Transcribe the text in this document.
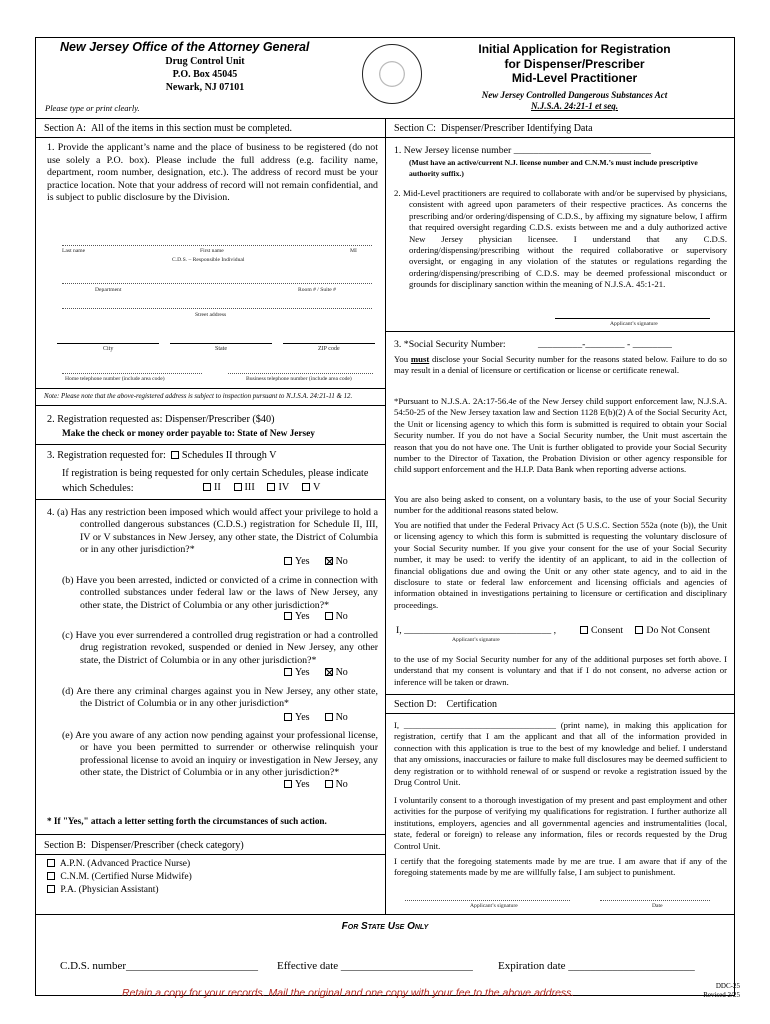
New Jersey Office of the Attorney General
Drug Control Unit
P.O. Box 45045
Newark, NJ 07101
Please type or print clearly.
Initial Application for Registration
for Dispenser/Prescriber
Mid-Level Practitioner
New Jersey Controlled Dangerous Substances Act
N.J.S.A. 24:21-1 et seq.
Section A: All of the items in this section must be completed.
1. Provide the applicant’s name and the place of business to be registered (do not use solely a P.O. box). Please include the full address (e.g. facility name, department, room number, designation, etc.). The address of record must be your practice location. Note that your address of record will not remain confidential, and is subject to public disclosure by the Division.
Last name	First name	MI
C.D.S. – Responsible Individual
Department	Room # / Suite #
Street address
City	State	ZIP code
Home telephone number (include area code)	Business telephone number (include area code)
Note: Please note that the above-registered address is subject to inspection pursuant to N.J.S.A. 24:21-11 & 12.
2. Registration requested as: Dispenser/Prescriber ($40)
Make the check or money order payable to: State of New Jersey
3. Registration requested for: Schedules II through V
If registration is being requested for only certain Schedules, please indicate which Schedules:	II III IV V
4. (a) Has any restriction been imposed which would affect your privilege to hold a controlled dangerous substances (C.D.S.) registration for Schedule II, III, IV or V substances in New Jersey, any other state, the District of Columbia or in any other jurisdiction?*
Yes	No
(b) Have you been arrested, indicted or convicted of a crime in connection with controlled substances under federal law or the laws of New Jersey, any other state, the District of Columbia or any other jurisdiction?*
Yes	No
(c) Have you ever surrendered a controlled drug registration or had a controlled drug registration revoked, suspended or denied in New Jersey, any other state, the District of Columbia or in any other jurisdiction?*
Yes	No
(d) Are there any criminal charges against you in New Jersey, any other state, the District of Columbia or in any other jurisdiction*
Yes	No
(e) Are you aware of any action now pending against your professional license, or have you been permitted to surrender or otherwise relinquish your professional license to avoid an inquiry or investigation in New Jersey, any other state, the District of Columbia or in any other jurisdiction?*
Yes	No
* If "Yes," attach a letter setting forth the circumstances of such action.
Section B: Dispenser/Prescriber (check category)
A.P.N. (Advanced Practice Nurse)
C.N.M. (Certified Nurse Midwife)
P.A. (Physician Assistant)
Section C: Dispenser/Prescriber Identifying Data
1. New Jersey license number ____________________________
(Must have an active/current N.J. license number and C.N.M.’s must include prescriptive authority suffix.)
2. Mid-Level practitioners are required to collaborate with and/or be supervised by physicians, consistent with agreed upon parameters of their respective practices. As concerns the prescribing and/or ordering/dispensing of C.D.S., by affixing my signature below, I affirm that required oversight regarding C.D.S. exists between me and a duly authorized active New Jersey physician licensee. I understand that any C.D.S. ordering/dispensing/prescribing without the required collaborative or supervisory oversight, or engaging in any violation of the statutes or regulations regarding the ordering/dispensing/prescribing of C.D.S. may be deemed professional misconduct or grounds for disciplinary sanction within the meaning of N.J.S.A. 45:1-21.
Applicant’s signature
3. *Social Security Number:	_________-________ - ________
You must disclose your Social Security number for the reasons stated below. Failure to do so may result in a denial of licensure or certification or license or certificate renewal.
*Pursuant to N.J.S.A. 2A:17-56.4e of the New Jersey child support enforcement law, N.J.S.A. 54:50-25 of the New Jersey taxation law and Section 1128 E(b)(2) A of the Social Security Act, the Unit or licensing agency to which this form is submitted is required to obtain your Social Security number. If you do not have a Social Security number, the Unit must ascertain the reason that you do not have one. The Unit is further obligated to provide your Social Security number to the Director of Taxation, the Probation Division or other agency responsible for child support enforcement and the H.I.P. Data Bank when reporting adverse actions.
You are also being asked to consent, on a voluntary basis, to the use of your Social Security number for the additional reasons stated below.
You are notified that under the Federal Privacy Act (5 U.S.C. Section 552a (note (b)), the Unit or licensing agency to which this form is submitted is requesting the voluntary disclosure of your Social Security number. If you give your consent for the use of your Social Security number, it may be used: to verify the identity of an applicant, to aid in the collection of financial obligations due and owing the Unit or any other state agency, and to aid in the disclosure to state or federal law enforcement and licensing officials and agencies of information obtained in investigations pertaining to licensure or certification and disciplinary proceedings.
I, ______________________________ ,
Applicant’s signature
Consent Do Not Consent
to the use of my Social Security number for any of the additional purposes set forth above. I understand that my consent is voluntary and that if I do not consent, no adverse action or inference will be taken or drawn.
Section D: Certification
I, ___________________________________ (print name), in making this application for registration, certify that I am the applicant and that all of the information provided in connection with this application is true to the best of my knowledge and belief. I understand that any omissions, inaccuracies or failure to make full disclosures may be deemed sufficient to deny registration or to withhold renewal of or suspend or revoke a registration issued by the Drug Control Unit.
I voluntarily consent to a thorough investigation of my present and past employment and other activities for the purpose of verifying my qualifications for registration. I further authorize all institutions, employers, agencies and all governmental agencies and instrumentalities (local, state, federal or foreign) to release any information, files or records requested by the Drug Control Unit.
I certify that the foregoing statements made by me are true. I am aware that if any of the foregoing statements made by me are willfully false, I am subject to punishment.
Applicant’s signature	Date
For State Use Only
C.D.S. number________________________ Effective date ________________________ Expiration date _______________________
Retain a copy for your records. Mail the original and one copy with your fee to the above address.
DDC-25
Revised 2/25
